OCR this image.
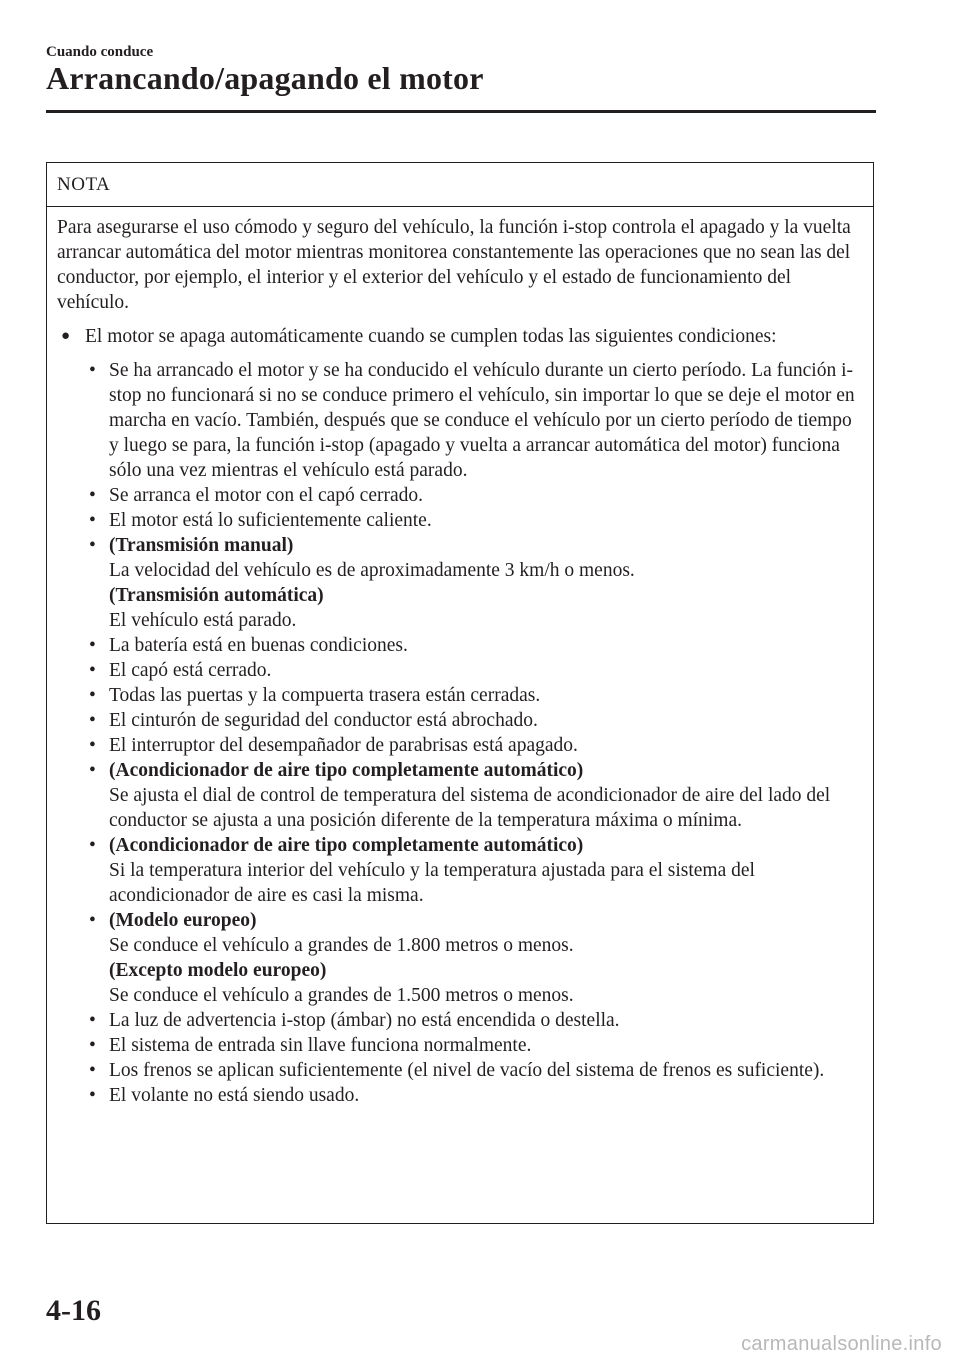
Cuando conduce
Arrancando/apagando el motor
NOTA

Para asegurarse el uso cómodo y seguro del vehículo, la función i-stop controla el apagado y la vuelta arrancar automática del motor mientras monitorea constantemente las operaciones que no sean las del conductor, por ejemplo, el interior y el exterior del vehículo y el estado de funcionamiento del vehículo.

● El motor se apaga automáticamente cuando se cumplen todas las siguientes condiciones:
• Se ha arrancado el motor y se ha conducido el vehículo durante un cierto período. La función i-stop no funcionará si no se conduce primero el vehículo, sin importar lo que se deje el motor en marcha en vacío. También, después que se conduce el vehículo por un cierto período de tiempo y luego se para, la función i-stop (apagado y vuelta a arrancar automática del motor) funciona sólo una vez mientras el vehículo está parado.
• Se arranca el motor con el capó cerrado.
• El motor está lo suficientemente caliente.
• (Transmisión manual)
La velocidad del vehículo es de aproximadamente 3 km/h o menos.
(Transmisión automática)
El vehículo está parado.
• La batería está en buenas condiciones.
• El capó está cerrado.
• Todas las puertas y la compuerta trasera están cerradas.
• El cinturón de seguridad del conductor está abrochado.
• El interruptor del desempañador de parabrisas está apagado.
• (Acondicionador de aire tipo completamente automático)
Se ajusta el dial de control de temperatura del sistema de acondicionador de aire del lado del conductor se ajusta a una posición diferente de la temperatura máxima o mínima.
• (Acondicionador de aire tipo completamente automático)
Si la temperatura interior del vehículo y la temperatura ajustada para el sistema del acondicionador de aire es casi la misma.
• (Modelo europeo)
Se conduce el vehículo a grandes de 1.800 metros o menos.
(Excepto modelo europeo)
Se conduce el vehículo a grandes de 1.500 metros o menos.
• La luz de advertencia i-stop (ámbar) no está encendida o destella.
• El sistema de entrada sin llave funciona normalmente.
• Los frenos se aplican suficientemente (el nivel de vacío del sistema de frenos es suficiente).
• El volante no está siendo usado.
4-16
carmanualsonline.info
